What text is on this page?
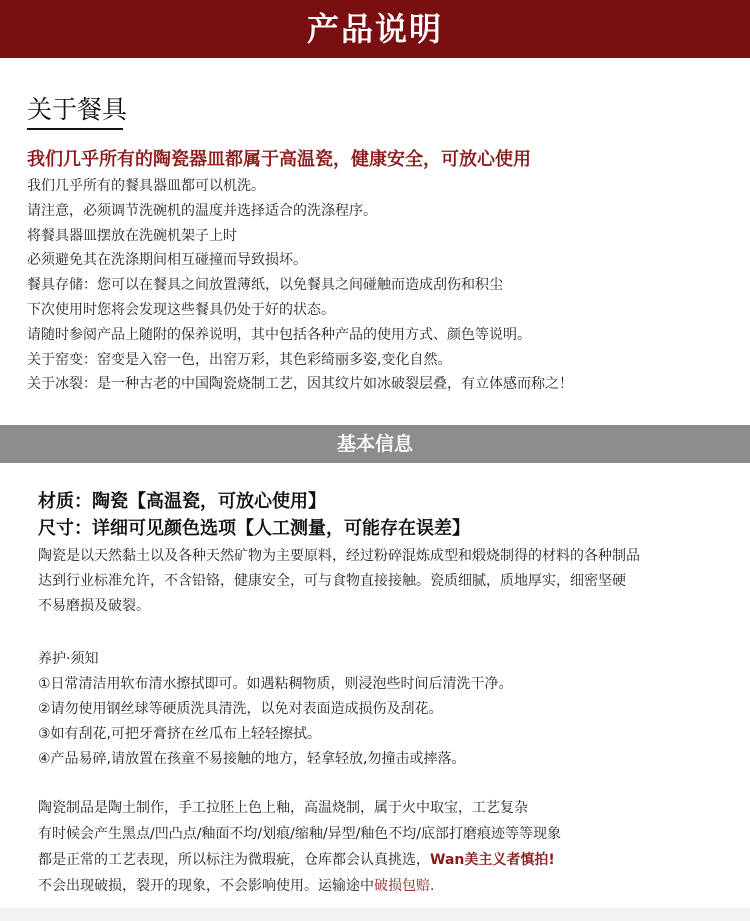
产品说明
关于餐具
我们几乎所有的陶瓷器皿都属于高温瓷，健康安全，可放心使用
我们几乎所有的餐具器皿都可以机洗。
请注意，必须调节洗碗机的温度并选择适合的洗涤程序。
将餐具器皿摆放在洗碗机架子上时
必须避免其在洗涤期间相互碰撞而导致损坏。
餐具存储：您可以在餐具之间放置薄纸，以免餐具之间碰触而造成刮伤和积尘
下次使用时您将会发现这些餐具仍处于好的状态。
请随时参阅产品上随附的保养说明，其中包括各种产品的使用方式、颜色等说明。
关于窑变：窑变是入窑一色，出窑万彩，其色彩绮丽多姿,变化自然。
关于冰裂：是一种古老的中国陶瓷烧制工艺，因其纹片如冰破裂层叠，有立体感而称之！
基本信息
材质：陶瓷【高温瓷，可放心使用】
尺寸：详细可见颜色选项【人工测量，可能存在误差】
陶瓷是以天然黏土以及各种天然矿物为主要原料，经过粉碎混炼成型和煅烧制得的材料的各种制品
达到行业标准允许，不含铅铬，健康安全，可与食物直接接触。瓷质细腻，质地厚实，细密坚硬
不易磨损及破裂。
养护·须知
①日常清洁用软布清水擦拭即可。如遇粘稠物质，则浸泡些时间后清洗干净。
②请勿使用钢丝球等硬质洗具清洗，以免对表面造成损伤及刮花。
③如有刮花,可把牙膏挤在丝瓜布上轻轻擦拭。
④产品易碎,请放置在孩童不易接触的地方，轻拿轻放,勿撞击或摔落。
陶瓷制品是陶土制作，手工拉胚上色上釉，高温烧制，属于火中取宝，工艺复杂
有时候会产生黑点/凹凸点/釉面不均/划痕/缩釉/异型/釉色不均/底部打磨痕迹等等现象
都是正常的工艺表现，所以标注为微瑕疵，仓库都会认真挑选，Wan美主义者慎拍!
不会出现破损，裂开的现象，不会影响使用。运输途中破损包赔.
